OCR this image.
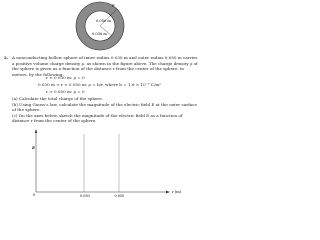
ρ
0.050 m
0.030 m
E
0	0.030	0.050
r (m)
2. A nonconducting hollow sphere of inner radius 0.030 m and outer radius 0.050 m carries a positive volume charge density ρ, as shown in the figure above. The charge density ρ of the sphere is given as a function of the distance r from the center of the sphere, in meters, by the following.
r < 0.030 m: ρ = 0
0.030 m < r < 0.050 m: ρ = b/r, where b = 1.6 × 10⁻⁶ C/m²
r > 0.050 m: ρ = 0
(a) Calculate the total charge of the sphere.
(b) Using Gauss’s law, calculate the magnitude of the electric field E at the outer surface of the sphere.
(c) On the axes below, sketch the magnitude of the electric field E as a function of distance r from the center of the sphere.
